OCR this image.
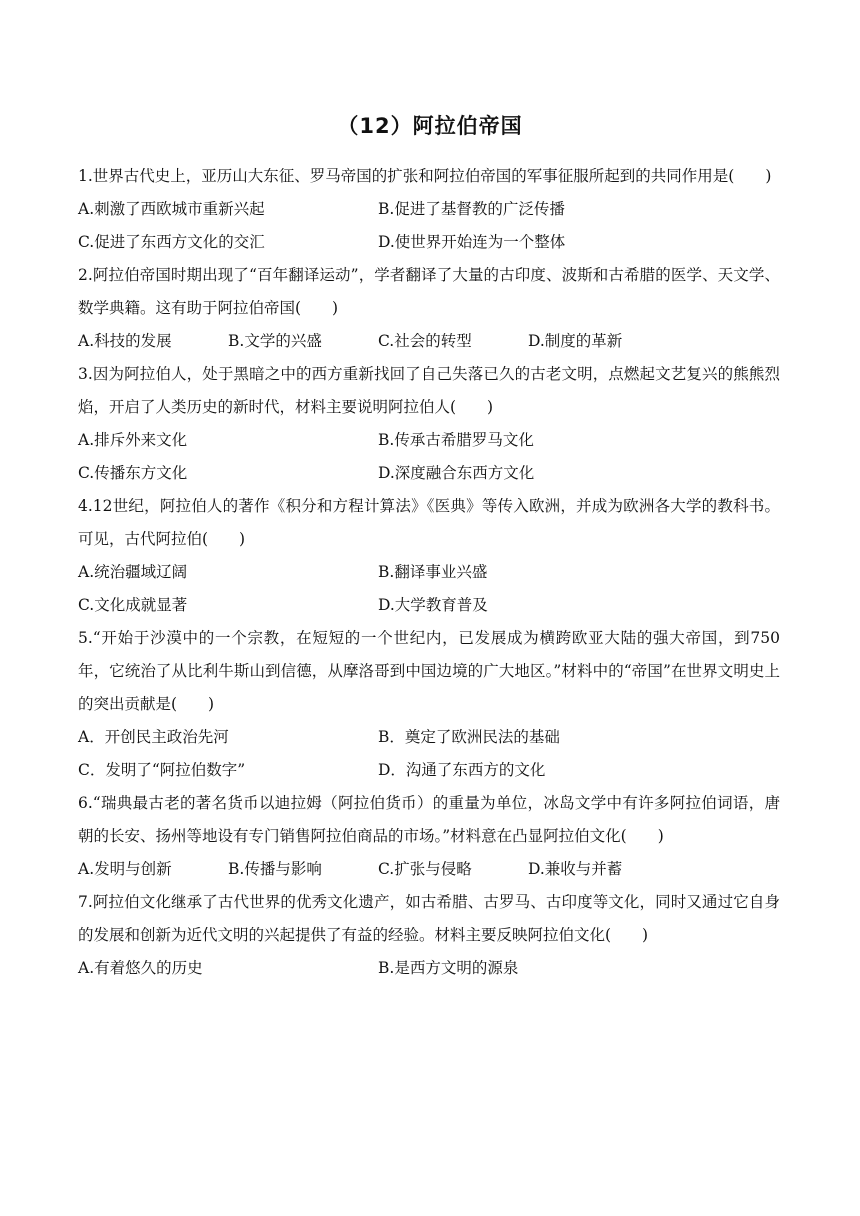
（12）阿拉伯帝国

1.世界古代史上，亚历山大东征、罗马帝国的扩张和阿拉伯帝国的军事征服所起到的共同作用是(　　)

A.刺激了西欧城市重新兴起	B.促进了基督教的广泛传播
C.促进了东西方文化的交汇	D.使世界开始连为一个整体

2.阿拉伯帝国时期出现了“百年翻译运动”，学者翻译了大量的古印度、波斯和古希腊的医学、天文学、数学典籍。这有助于阿拉伯帝国(　　)

A.科技的发展	B.文学的兴盛	C.社会的转型	D.制度的革新

3.因为阿拉伯人，处于黑暗之中的西方重新找回了自己失落已久的古老文明，点燃起文艺复兴的熊熊烈焰，开启了人类历史的新时代，材料主要说明阿拉伯人(　　)

A.排斥外来文化	B.传承古希腊罗马文化
C.传播东方文化	D.深度融合东西方文化

4.12世纪，阿拉伯人的著作《积分和方程计算法》《医典》等传入欧洲，并成为欧洲各大学的教科书。可见，古代阿拉伯(　　)

A.统治疆域辽阔	B.翻译事业兴盛
C.文化成就显著	D.大学教育普及

5.“开始于沙漠中的一个宗教，在短短的一个世纪内，已发展成为横跨欧亚大陆的强大帝国，到750年，它统治了从比利牛斯山到信德，从摩洛哥到中国边境的广大地区。”材料中的“帝国”在世界文明史上的突出贡献是(　　)

A．开创民主政治先河	B．奠定了欧洲民法的基础
C．发明了“阿拉伯数字”	D．沟通了东西方的文化

6.“瑞典最古老的著名货币以迪拉姆（阿拉伯货币）的重量为单位，冰岛文学中有许多阿拉伯词语，唐朝的长安、扬州等地设有专门销售阿拉伯商品的市场。”材料意在凸显阿拉伯文化(　　)

A.发明与创新	B.传播与影响	C.扩张与侵略	D.兼收与并蓄

7.阿拉伯文化继承了古代世界的优秀文化遗产，如古希腊、古罗马、古印度等文化，同时又通过它自身的发展和创新为近代文明的兴起提供了有益的经验。材料主要反映阿拉伯文化(　　)

A.有着悠久的历史	B.是西方文明的源泉
